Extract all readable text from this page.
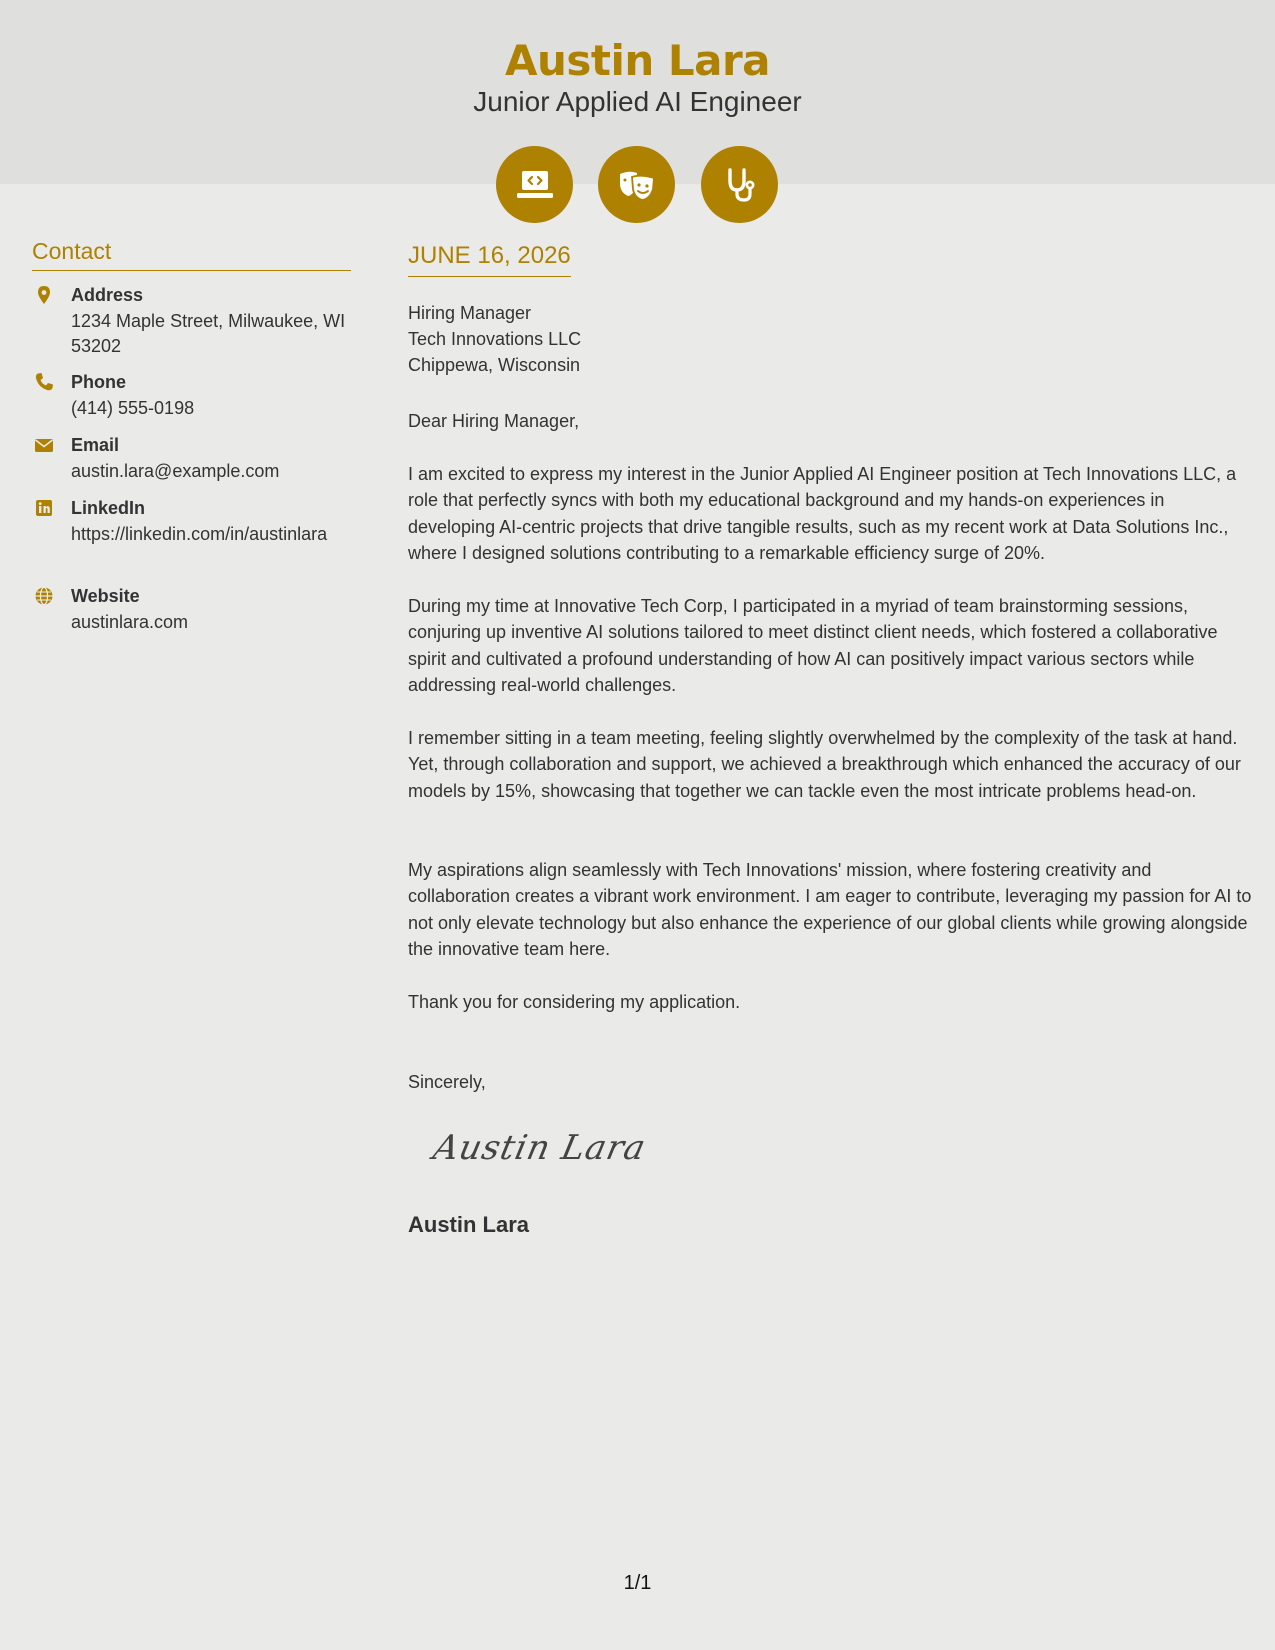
Austin Lara
Junior Applied AI Engineer
Contact
Address
1234 Maple Street, Milwaukee, WI 53202
Phone
(414) 555-0198
Email
austin.lara@example.com
LinkedIn
https://linkedin.com/in/austinlara
Website
austinlara.com
JUNE 16, 2026
Hiring Manager
Tech Innovations LLC
Chippewa, Wisconsin

Dear Hiring Manager,

I am excited to express my interest in the Junior Applied AI Engineer position at Tech Innovations LLC, a role that perfectly syncs with both my educational background and my hands-on experiences in developing AI-centric projects that drive tangible results, such as my recent work at Data Solutions Inc., where I designed solutions contributing to a remarkable efficiency surge of 20%.

During my time at Innovative Tech Corp, I participated in a myriad of team brainstorming sessions, conjuring up inventive AI solutions tailored to meet distinct client needs, which fostered a collaborative spirit and cultivated a profound understanding of how AI can positively impact various sectors while addressing real-world challenges.

I remember sitting in a team meeting, feeling slightly overwhelmed by the complexity of the task at hand. Yet, through collaboration and support, we achieved a breakthrough which enhanced the accuracy of our models by 15%, showcasing that together we can tackle even the most intricate problems head-on.

My aspirations align seamlessly with Tech Innovations' mission, where fostering creativity and collaboration creates a vibrant work environment. I am eager to contribute, leveraging my passion for AI to not only elevate technology but also enhance the experience of our global clients while growing alongside the innovative team here.

Thank you for considering my application.

Sincerely,

Austin Lara
Austin Lara
1/1
